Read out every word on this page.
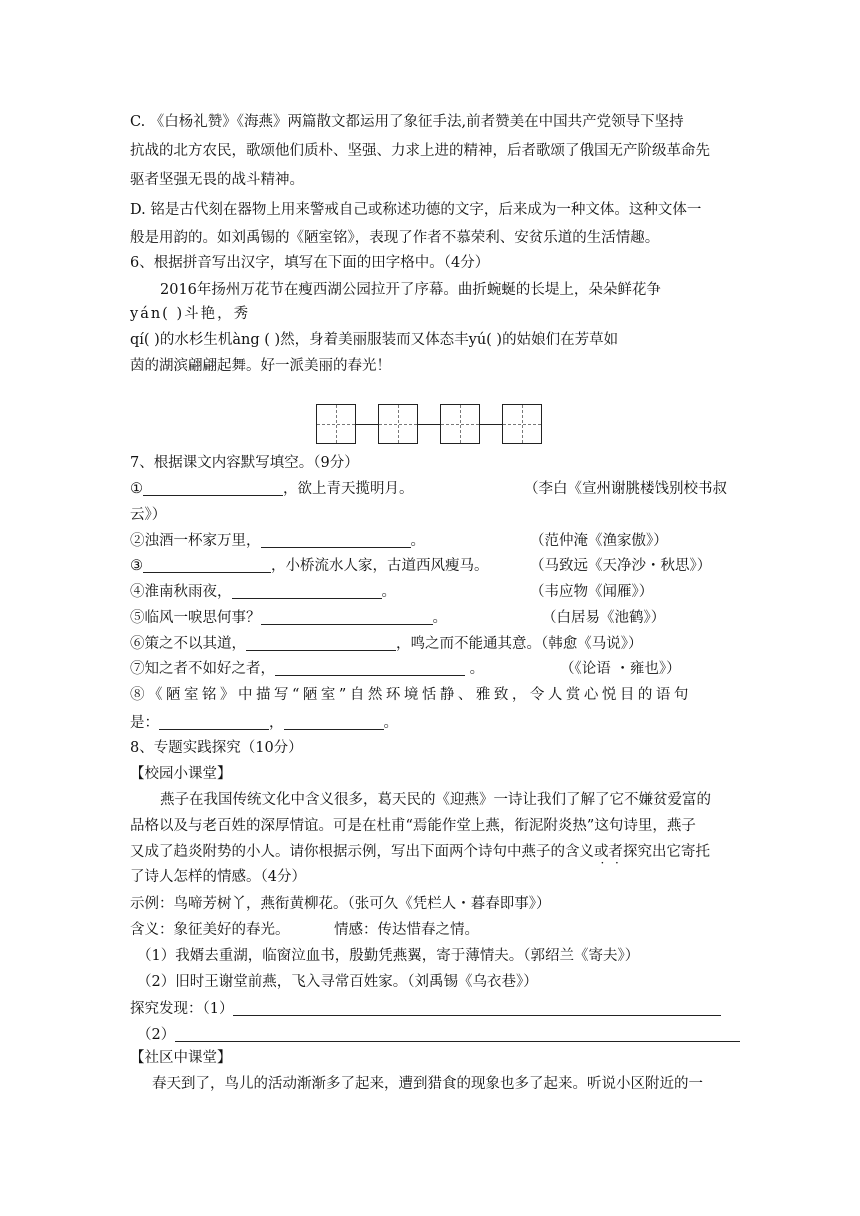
C. 《白杨礼赞》《海燕》两篇散文都运用了象征手法,前者赞美在中国共产党领导下坚持
抗战的北方农民，歌颂他们质朴、坚强、力求上进的精神，后者歌颂了俄国无产阶级革命先
驱者坚强无畏的战斗精神。
D. 铭是古代刻在器物上用来警戒自己或称述功德的文字，后来成为一种文体。这种文体一
般是用韵的。如刘禹锡的《陋室铭》，表现了作者不慕荣利、安贫乐道的生活情趣。
6、根据拼音写出汉字，填写在下面的田字格中。（4分）
2016年扬州万花节在瘦西湖公园拉开了序幕。曲折蜿蜒的长堤上，朵朵鲜花争
yán( )斗艳，秀
qí( )的水杉生机àng ( )然，身着美丽服装而又体态丰yú( )的姑娘们在芳草如
茵的湖滨翩翩起舞。好一派美丽的春光！
7、根据课文内容默写填空。（9分）
①	，欲上青天揽明月。	（李白《宣州谢朓楼饯别校书叔
云》）
②浊酒一杯家万里，	。	（范仲淹《渔家傲》）
③	，小桥流水人家，古道西风瘦马。	（马致远《天净沙・秋思》）
④淮南秋雨夜，	。	（韦应物《闻雁》）
⑤临风一唳思何事？	。	（白居易《池鹤》）
⑥策之不以其道，	，鸣之而不能通其意。（韩愈《马说》）
⑦知之者不如好之者，	。	（《论语 ・雍也》）
⑧《陋室铭》中描写“陋室”自然环境恬静、雅致，令人赏心悦目的语句
是：	，	。
8、专题实践探究（10分）
【校园小课堂】
燕子在我国传统文化中含义很多，葛天民的《迎燕》一诗让我们了解了它不嫌贫爱富的
品格以及与老百姓的深厚情谊。可是在杜甫“焉能作堂上燕，衔泥附炎热”这句诗里，燕子
又成了趋炎附势的小人。请你根据示例，写出下面两个诗句中燕子的含义或者探究出它寄托
了诗人怎样的情感。（4分）
示例：鸟啼芳树丫，燕衔黄柳花。（张可久《凭栏人・暮春即事》）
含义：象征美好的春光。	情感：传达惜春之情。
（1）我婿去重湖，临窗泣血书，殷勤凭燕翼，寄于薄情夫。（郭绍兰《寄夫》）
（2）旧时王谢堂前燕，飞入寻常百姓家。（刘禹锡《乌衣巷》）
探究发现：（1）
（2）
【社区中课堂】
春天到了，鸟儿的活动渐渐多了起来，遭到猎食的现象也多了起来。听说小区附近的一
